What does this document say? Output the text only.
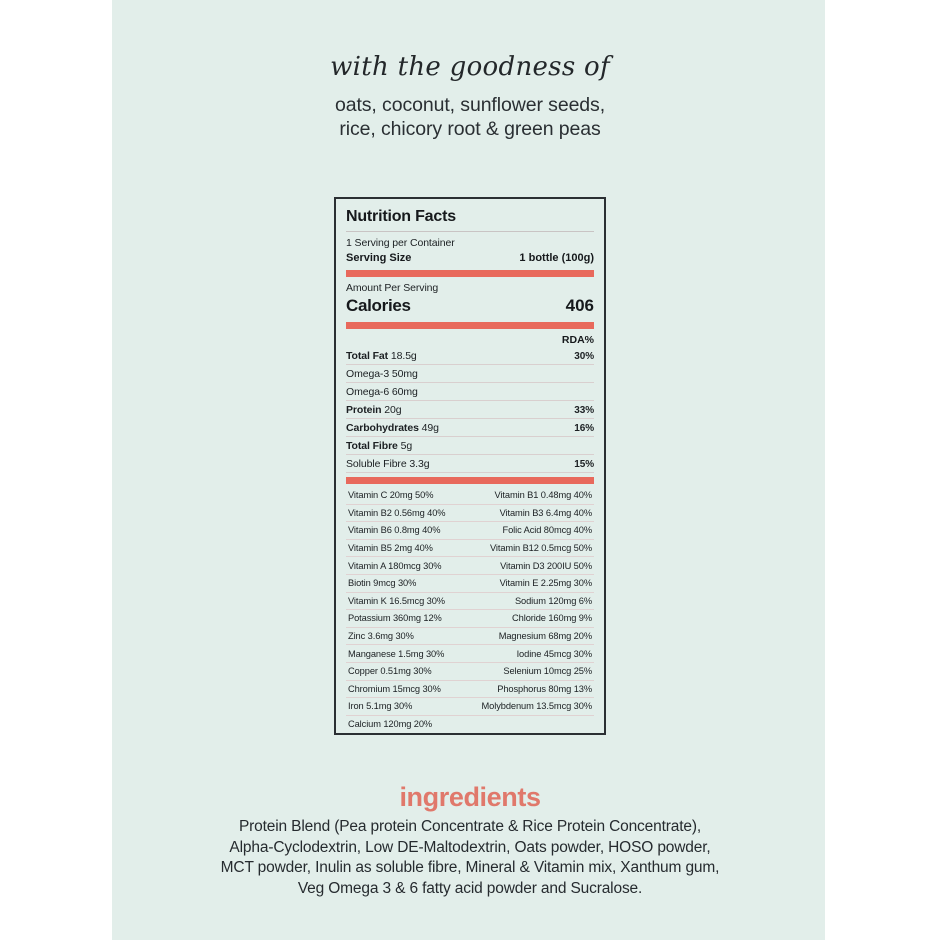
with the goodness of
oats, coconut, sunflower seeds,
rice, chicory root & green peas
Nutrition Facts
1 Serving per Container
Serving Size	1 bottle (100g)
Amount Per Serving
Calories	406
RDA%
Total Fat 18.5g	30%
Omega-3 50mg
Omega-6 60mg
Protein 20g	33%
Carbohydrates 49g	16%
Total Fibre 5g
Soluble Fibre 3.3g	15%
Vitamin C 20mg 50%	Vitamin B1 0.48mg 40%
Vitamin B2 0.56mg 40%	Vitamin B3 6.4mg 40%
Vitamin B6 0.8mg 40%	Folic Acid 80mcg 40%
Vitamin B5 2mg 40%	Vitamin B12 0.5mcg 50%
Vitamin A 180mcg 30%	Vitamin D3 200IU 50%
Biotin 9mcg 30%	Vitamin E 2.25mg 30%
Vitamin K 16.5mcg 30%	Sodium 120mg 6%
Potassium 360mg 12%	Chloride 160mg 9%
Zinc 3.6mg 30%	Magnesium 68mg 20%
Manganese 1.5mg 30%	Iodine 45mcg 30%
Copper 0.51mg 30%	Selenium 10mcg 25%
Chromium 15mcg 30%	Phosphorus 80mg 13%
Iron 5.1mg 30%	Molybdenum 13.5mcg 30%
Calcium 120mg 20%
ingredients
Protein Blend (Pea protein Concentrate & Rice Protein Concentrate),
Alpha-Cyclodextrin, Low DE-Maltodextrin, Oats powder, HOSO powder,
MCT powder, Inulin as soluble fibre, Mineral & Vitamin mix, Xanthum gum,
Veg Omega 3 & 6 fatty acid powder and Sucralose.
